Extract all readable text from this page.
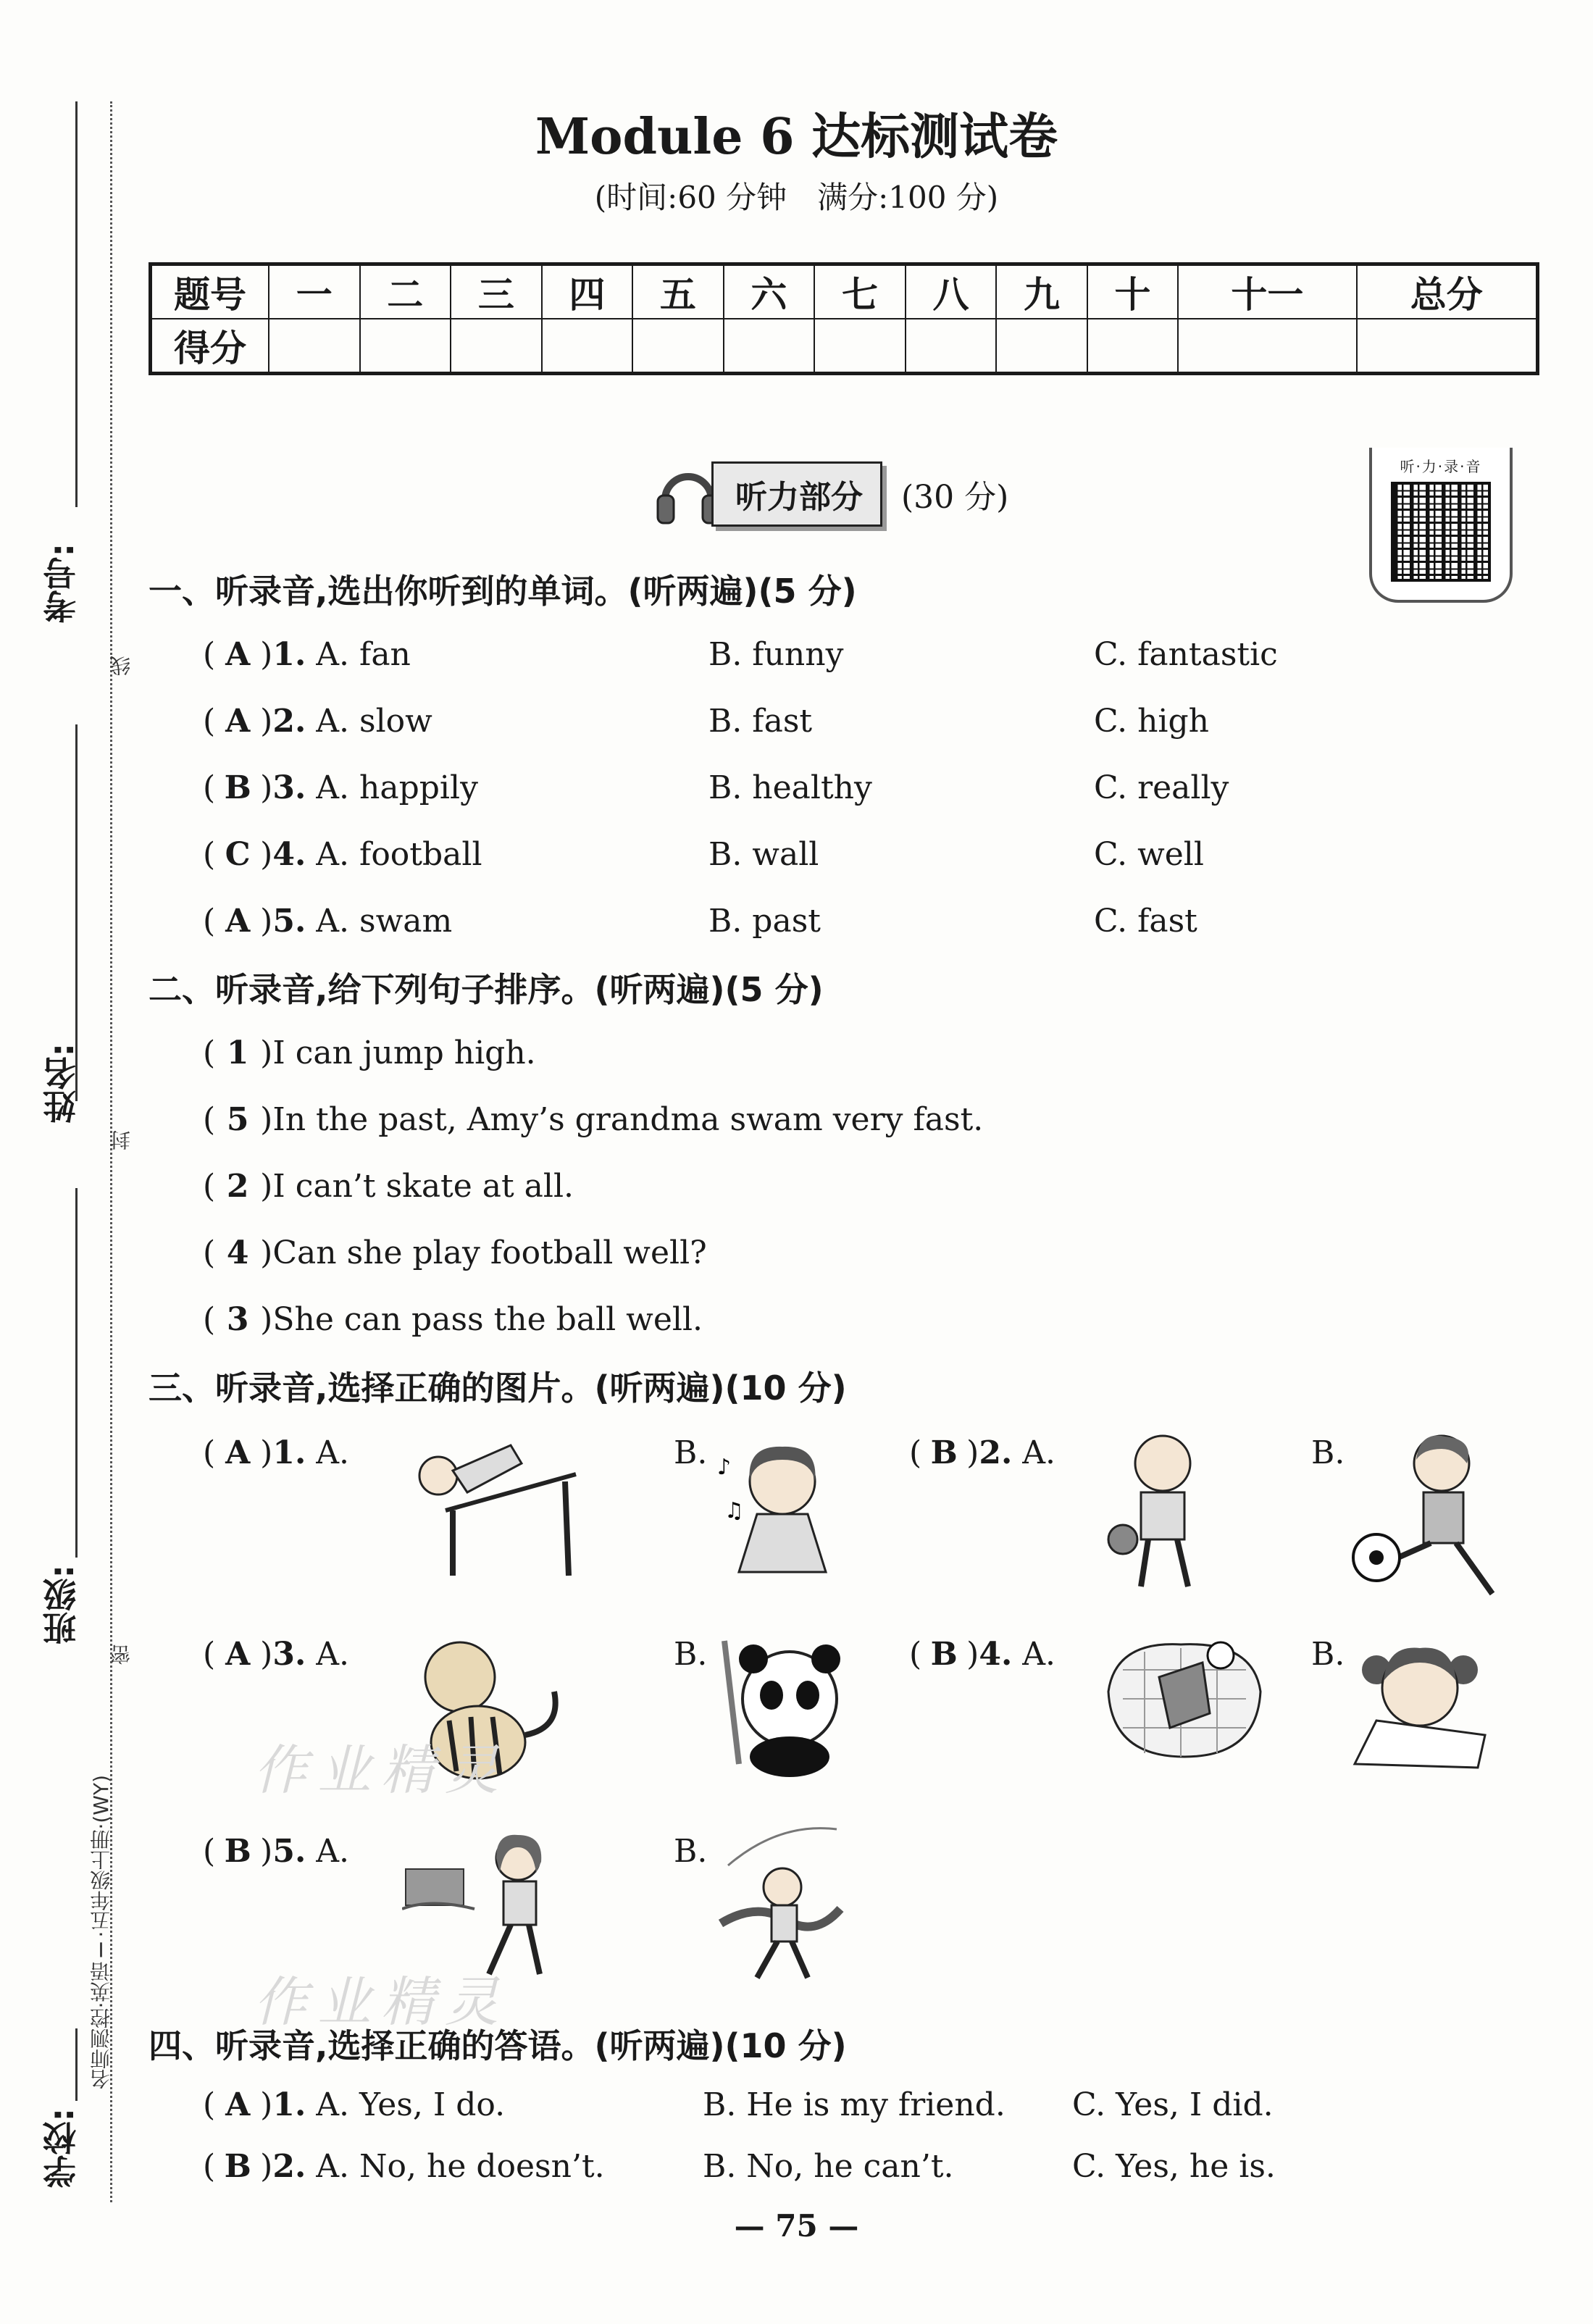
考号:
姓名:
班级:
学校:
线
封
密
名师测控·英语Ⅰ·五年级上册·(WY)
Module 6 达标测试卷
(时间:60 分钟　满分:100 分)
题号	一	二	三	四	五	六	七	八	九	十	十一	总分
得分												
听力部分	(30 分)
听·力·录·音
一、听录音,选出你听到的单词。(听两遍)(5 分)
( A )1. A. fan	B. funny	C. fantastic
( A )2. A. slow	B. fast	C. high
( B )3. A. happily	B. healthy	C. really
( C )4. A. football	B. wall	C. well
( A )5. A. swam	B. past	C. fast
二、听录音,给下列句子排序。(听两遍)(5 分)
( 1 )I can jump high.
( 5 )In the past, Amy’s grandma swam very fast.
( 2 )I can’t skate at all.
( 4 )Can she play football well?
( 3 )She can pass the ball well.
三、听录音,选择正确的图片。(听两遍)(10 分)
( A )1. A.	B. ♪
♫
( B )2. A.	B.
( A )3. A.	B.	( B )4. A.	B.
作业精灵
( B )5. A.	B.
作业精灵
四、听录音,选择正确的答语。(听两遍)(10 分)
( A )1. A. Yes, I do.	B. He is my friend. C. Yes, I did.
( B )2. A. No, he doesn’t.	B. No, he can’t.	C. Yes, he is.
— 75 —
